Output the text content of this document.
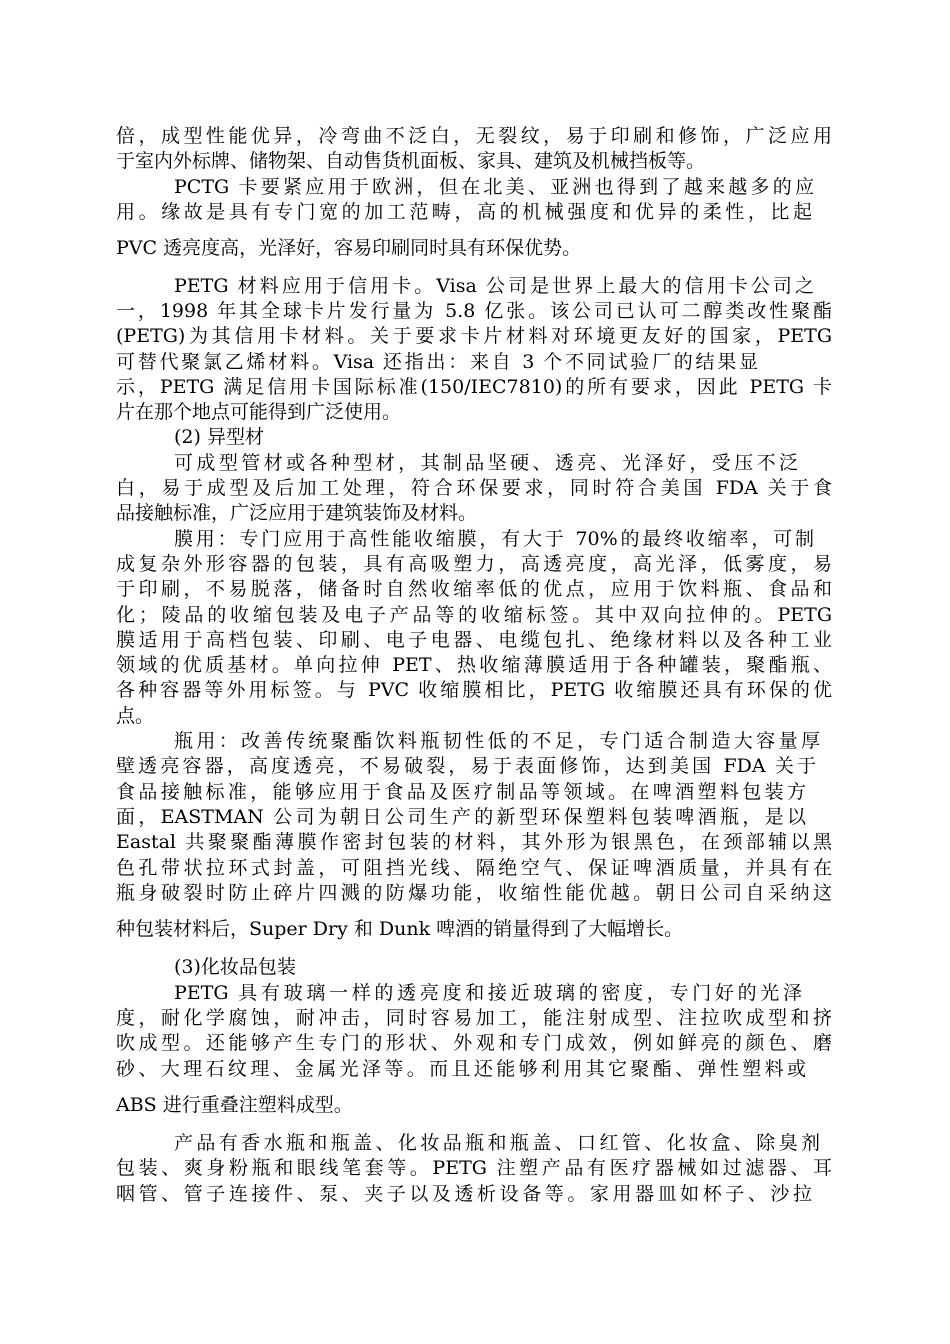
倍，成型性能优异，冷弯曲不泛白，无裂纹，易于印刷和修饰，广泛应用
于室内外标牌、储物架、自动售货机面板、家具、建筑及机械挡板等。
PCTG 卡要紧应用于欧洲，但在北美、亚洲也得到了越来越多的应
用。缘故是具有专门宽的加工范畴，高的机械强度和优异的柔性，比起
PVC 透亮度高，光泽好，容易印刷同时具有环保优势。
PETG 材料应用于信用卡。Visa 公司是世界上最大的信用卡公司之
一，1998 年其全球卡片发行量为 5.8 亿张。该公司已认可二醇类改性聚酯
(PETG)为其信用卡材料。关于要求卡片材料对环境更友好的国家，PETG
可替代聚氯乙烯材料。Visa 还指出：来自 3 个不同试验厂的结果显
示，PETG 满足信用卡国际标准(150/IEC7810)的所有要求，因此 PETG 卡
片在那个地点可能得到广泛使用。
(2) 异型材
可成型管材或各种型材，其制品坚硬、透亮、光泽好，受压不泛
白，易于成型及后加工处理，符合环保要求，同时符合美国 FDA 关于食
品接触标准，广泛应用于建筑装饰及材料。
膜用：专门应用于高性能收缩膜，有大于 70%的最终收缩率，可制
成复杂外形容器的包装，具有高吸塑力，高透亮度，高光泽，低雾度，易
于印刷，不易脱落，储备时自然收缩率低的优点，应用于饮料瓶、食品和
化；陵品的收缩包装及电子产品等的收缩标签。其中双向拉伸的。PETG
膜适用于高档包装、印刷、电子电器、电缆包扎、绝缘材料以及各种工业
领域的优质基材。单向拉伸 PET、热收缩薄膜适用于各种罐装，聚酯瓶、
各种容器等外用标签。与 PVC 收缩膜相比，PETG 收缩膜还具有环保的优
点。
瓶用：改善传统聚酯饮料瓶韧性低的不足，专门适合制造大容量厚
壁透亮容器，高度透亮，不易破裂，易于表面修饰，达到美国 FDA 关于
食品接触标准，能够应用于食品及医疗制品等领域。在啤酒塑料包装方
面，EASTMAN 公司为朝日公司生产的新型环保塑料包装啤酒瓶，是以
Eastal 共聚聚酯薄膜作密封包装的材料，其外形为银黑色，在颈部辅以黑
色孔带状拉环式封盖，可阻挡光线、隔绝空气、保证啤酒质量，并具有在
瓶身破裂时防止碎片四溅的防爆功能，收缩性能优越。朝日公司自采纳这
种包装材料后，Super Dry 和 Dunk 啤酒的销量得到了大幅增长。
(3)化妆品包装
PETG 具有玻璃一样的透亮度和接近玻璃的密度，专门好的光泽
度，耐化学腐蚀，耐冲击，同时容易加工，能注射成型、注拉吹成型和挤
吹成型。还能够产生专门的形状、外观和专门成效，例如鲜亮的颜色、磨
砂、大理石纹理、金属光泽等。而且还能够利用其它聚酯、弹性塑料或
ABS 进行重叠注塑料成型。
产品有香水瓶和瓶盖、化妆品瓶和瓶盖、口红管、化妆盒、除臭剂
包装、爽身粉瓶和眼线笔套等。PETG 注塑产品有医疗器械如过滤器、耳
咽管、管子连接件、泵、夹子以及透析设备等。家用器皿如杯子、沙拉
